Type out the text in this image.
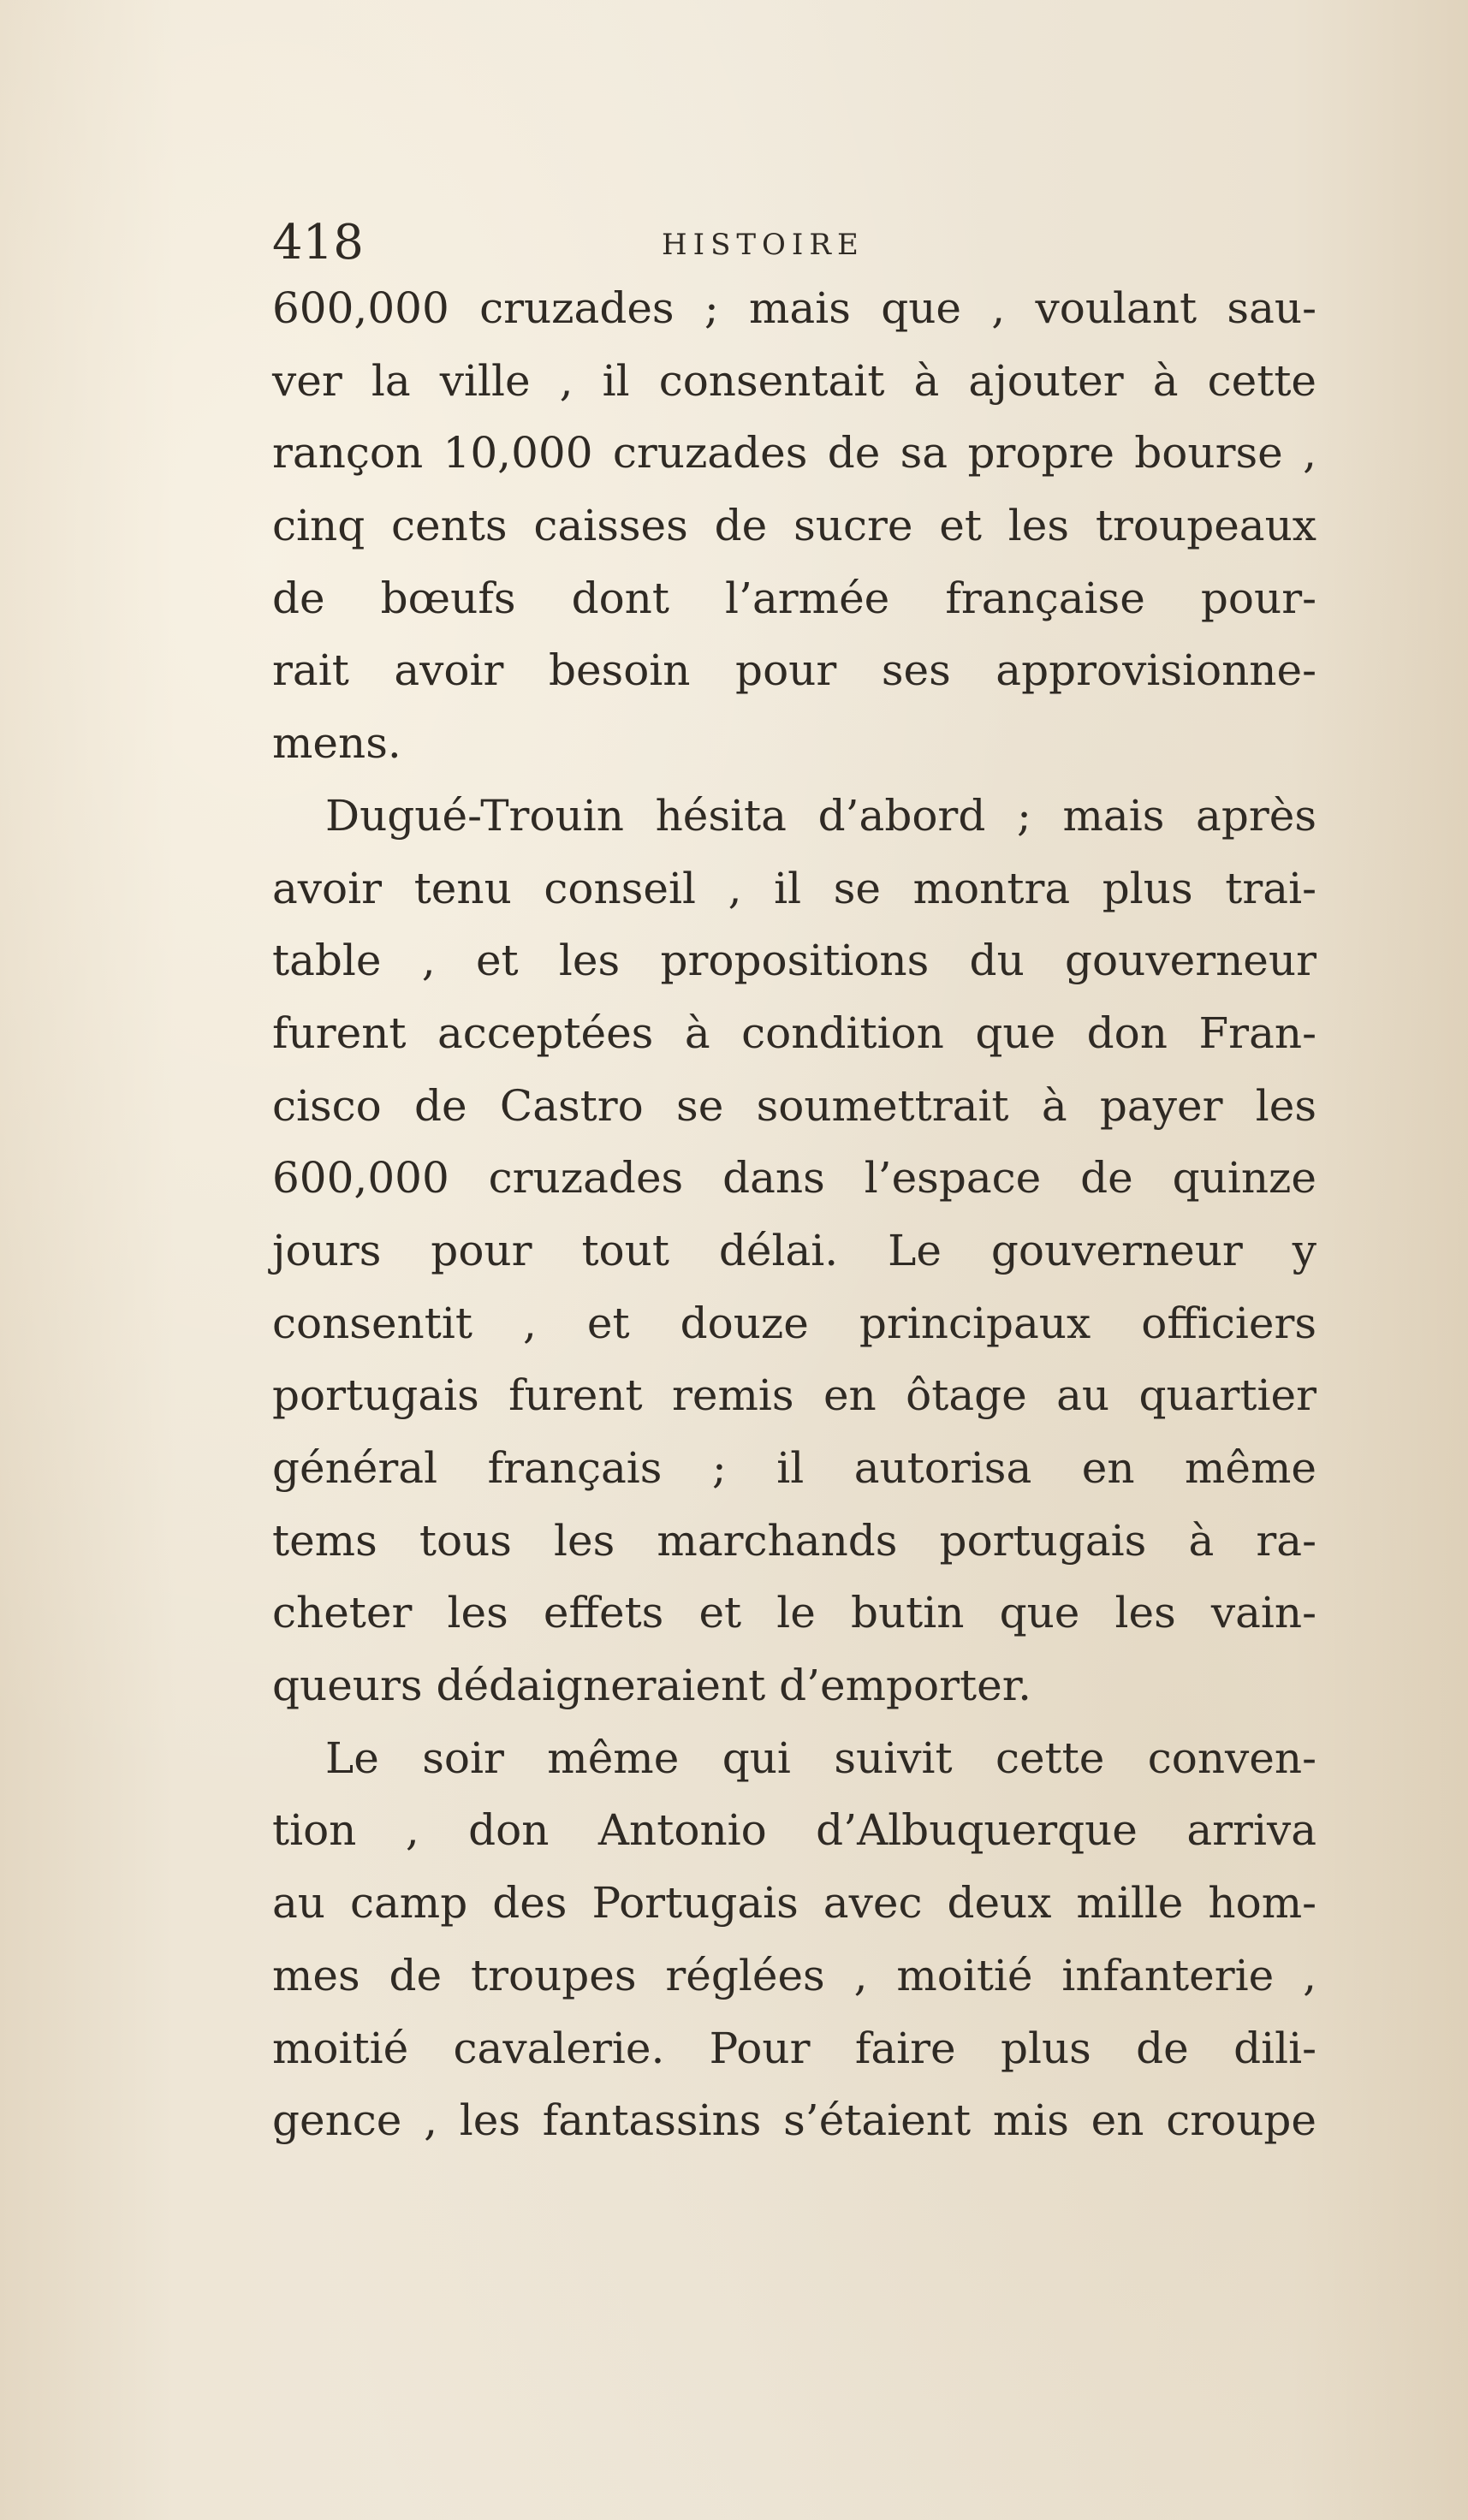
418	HISTOIRE
600,000 cruzades ; mais que , voulant sau-
ver la ville , il consentait à ajouter à cette
rançon 10,000 cruzades de sa propre bourse ,
cinq cents caisses de sucre et les troupeaux
de bœufs dont l’armée française pour-
rait avoir besoin pour ses approvisionne-
mens.
Dugué-Trouin hésita d’abord ; mais après
avoir tenu conseil , il se montra plus trai-
table , et les propositions du gouverneur
furent acceptées à condition que don Fran-
cisco de Castro se soumettrait à payer les
600,000 cruzades dans l’espace de quinze
jours pour tout délai. Le gouverneur y
consentit , et douze principaux officiers
portugais furent remis en ôtage au quartier
général français ; il autorisa en même
tems tous les marchands portugais à ra-
cheter les effets et le butin que les vain-
queurs dédaigneraient d’emporter.
Le soir même qui suivit cette conven-
tion , don Antonio d’Albuquerque arriva
au camp des Portugais avec deux mille hom-
mes de troupes réglées , moitié infanterie ,
moitié cavalerie. Pour faire plus de dili-
gence , les fantassins s’étaient mis en croupe
